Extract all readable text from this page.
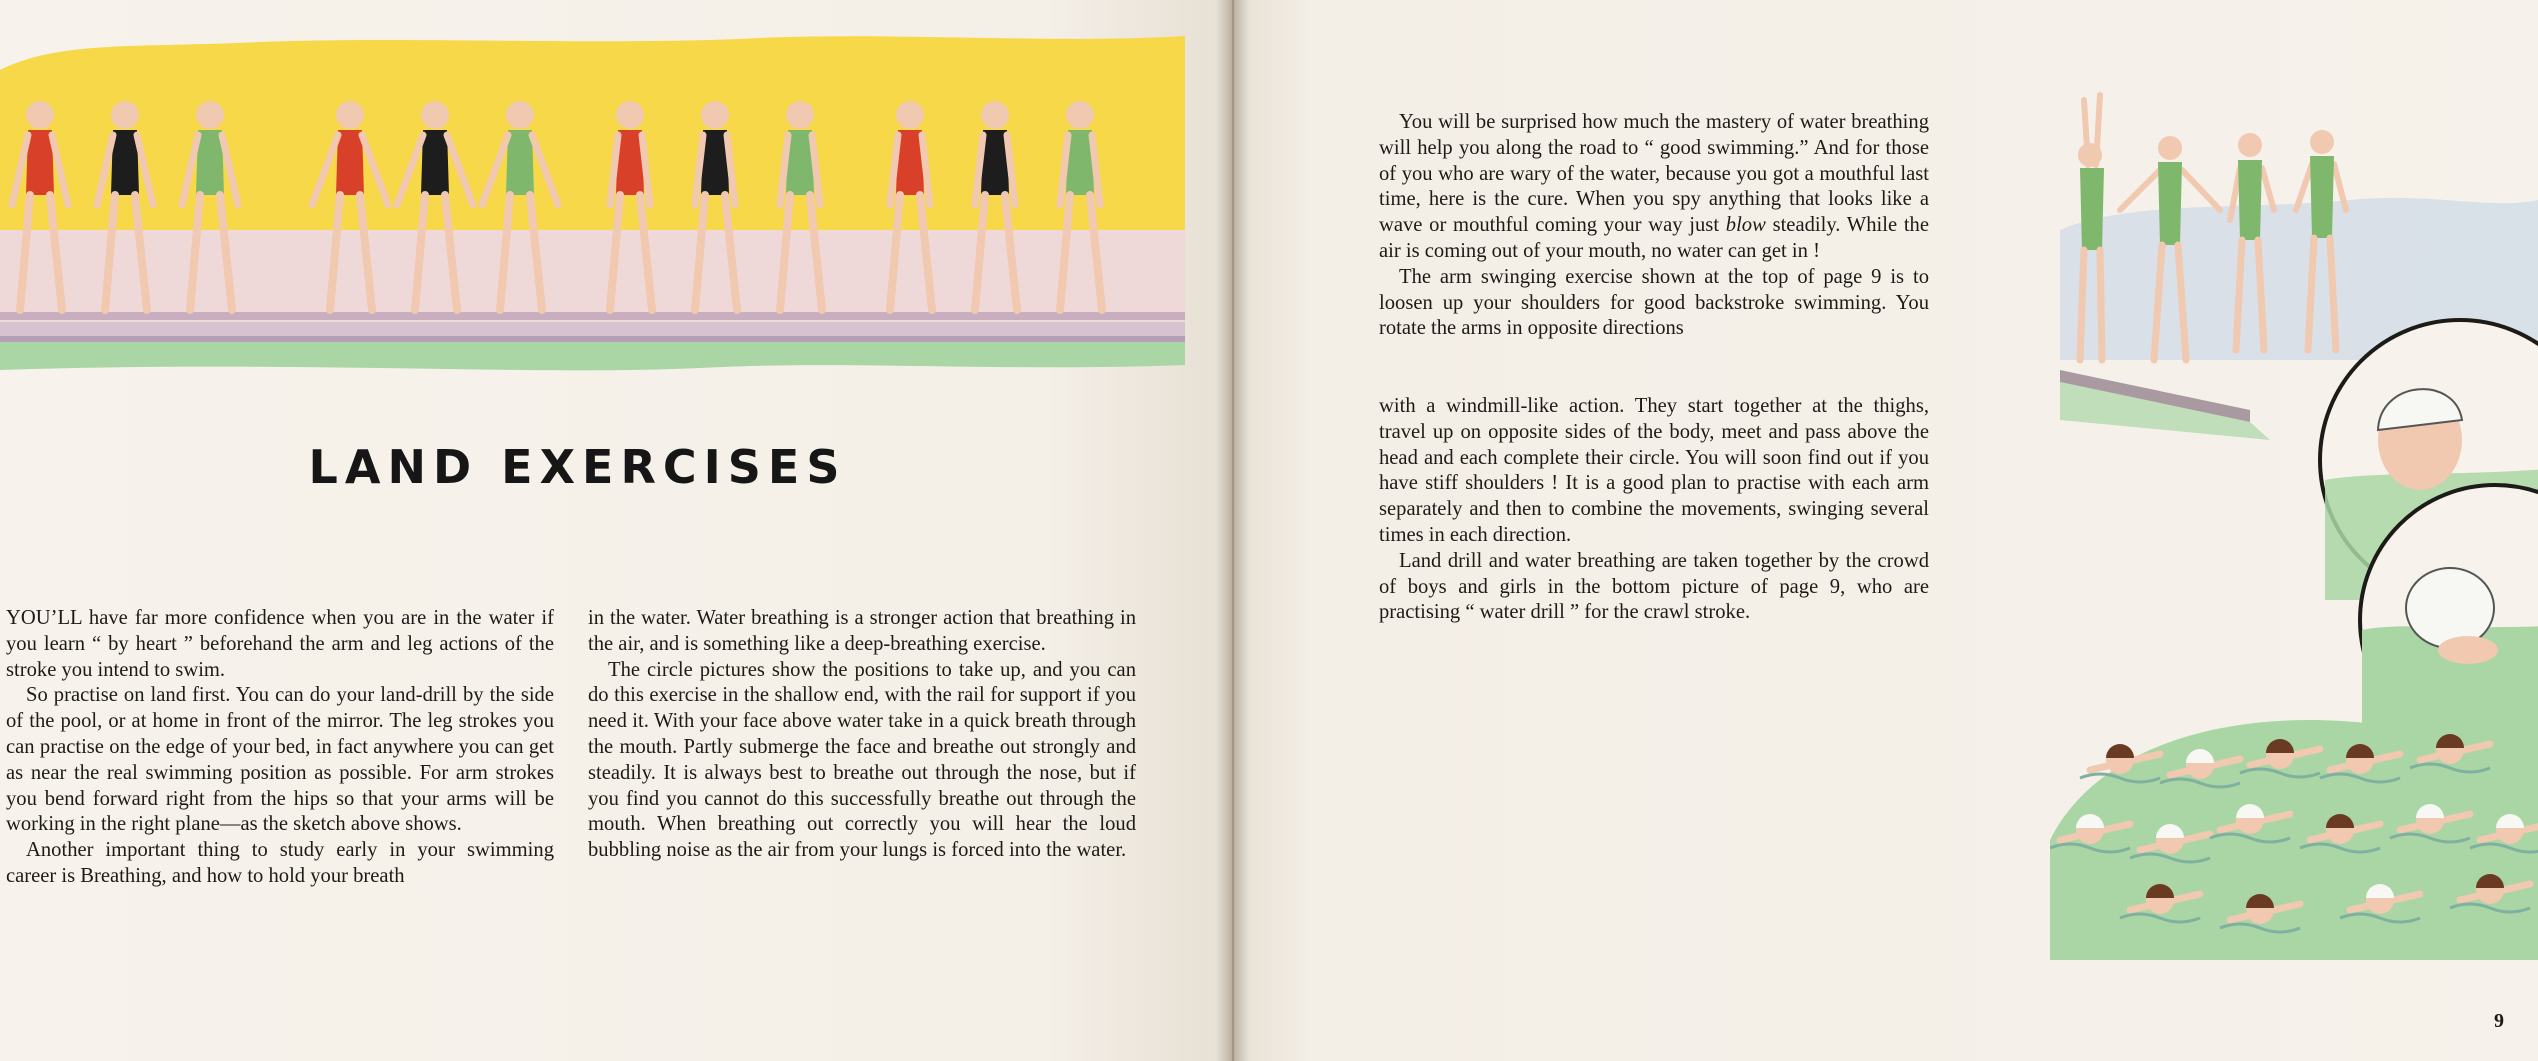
LAND EXERCISES

YOU’LL have far more confidence when you are in the water if you learn “ by heart ” beforehand the arm and leg actions of the stroke you intend to swim.

So practise on land first. You can do your land-drill by the side of the pool, or at home in front of the mirror. The leg strokes you can practise on the edge of your bed, in fact anywhere you can get as near the real swimming position as possible. For arm strokes you bend forward right from the hips so that your arms will be working in the right plane—as the sketch above shows.

Another important thing to study early in your swimming career is Breathing, and how to hold your breath

in the water. Water breathing is a stronger action that breathing in the air, and is something like a deep-breathing exercise.

The circle pictures show the positions to take up, and you can do this exercise in the shallow end, with the rail for support if you need it. With your face above water take in a quick breath through the mouth. Partly submerge the face and breathe out strongly and steadily. It is always best to breathe out through the nose, but if you find you cannot do this successfully breathe out through the mouth. When breathing out correctly you will hear the loud bubbling noise as the air from your lungs is forced into the water.

You will be surprised how much the mastery of water breathing will help you along the road to “ good swimming.” And for those of you who are wary of the water, because you got a mouthful last time, here is the cure. When you spy anything that looks like a wave or mouthful coming your way just blow steadily. While the air is coming out of your mouth, no water can get in !

The arm swinging exercise shown at the top of page 9 is to loosen up your shoulders for good backstroke swimming. You rotate the arms in opposite directions

with a windmill-like action. They start together at the thighs, travel up on opposite sides of the body, meet and pass above the head and each complete their circle. You will soon find out if you have stiff shoulders ! It is a good plan to practise with each arm separately and then to combine the movements, swinging several times in each direction.

Land drill and water breathing are taken together by the crowd of boys and girls in the bottom picture of page 9, who are practising “ water drill ” for the crawl stroke.

9
